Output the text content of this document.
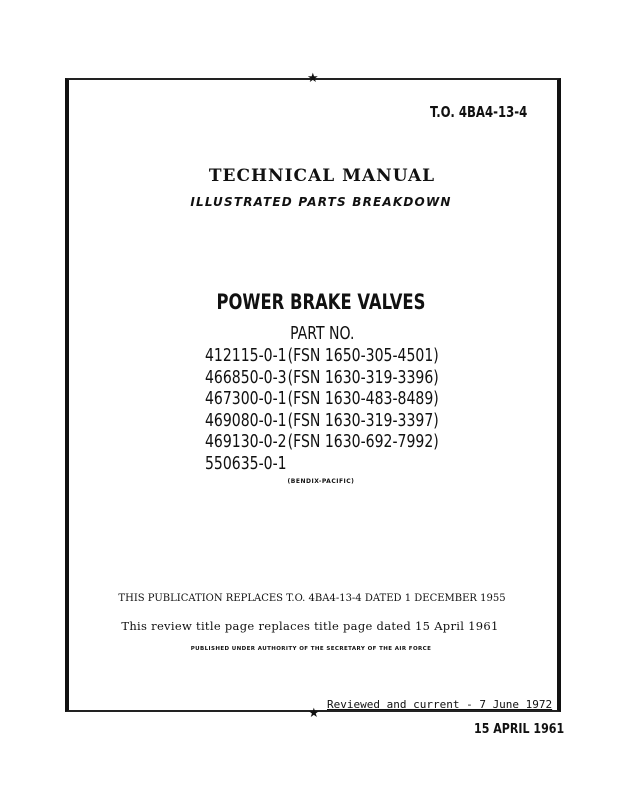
★
★
T.O. 4BA4-13-4
TECHNICAL MANUAL
ILLUSTRATED PARTS BREAKDOWN
POWER BRAKE VALVES
PART NO.
412115-0-1(FSN 1650-305-4501)
466850-0-3(FSN 1630-319-3396)
467300-0-1(FSN 1630-483-8489)
469080-0-1(FSN 1630-319-3397)
469130-0-2(FSN 1630-692-7992)
550635-0-1
(BENDIX-PACIFIC)
THIS PUBLICATION REPLACES T.O. 4BA4-13-4 DATED 1 DECEMBER 1955
This review title page replaces title page dated 15 April 1961
PUBLISHED UNDER AUTHORITY OF THE SECRETARY OF THE AIR FORCE
Reviewed and current - 7 June 1972
15 APRIL 1961
